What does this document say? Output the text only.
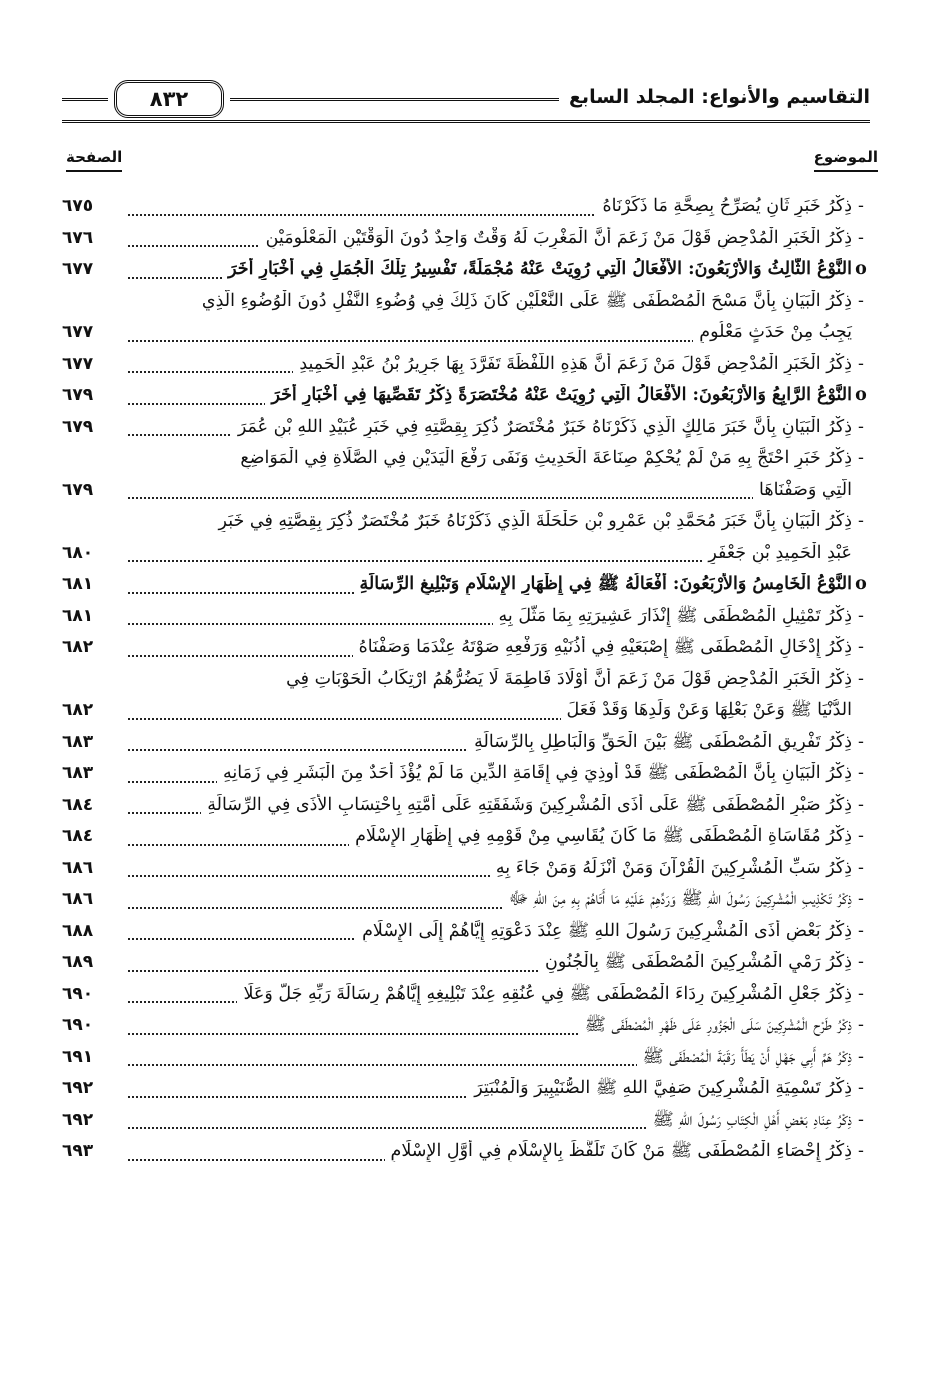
٨٣٢	التقاسيم والأنواع: المجلد السابع
الموضوع
الصفحة
-ذِكْرُ خَبَرٍ ثَانٍ يُصَرِّحُ بِصِحَّةِ مَا ذَكَرْنَاهُ
٦٧٥
-ذِكْرُ الْخَبَرِ الْمُدْحِضِ قَوْلَ مَنْ زَعَمَ أَنَّ الْمَغْرِبَ لَهُ وَقْتٌ وَاحِدٌ دُونَ الْوَقْتَيْنِ الْمَعْلُومَيْنِ
٦٧٦
οالنَّوْعُ الثَّالِثُ وَالأَرْبَعُونَ: الأَفْعَالُ الَّتِي رُوِيَتْ عَنْهُ مُجْمَلَةً، تَفْسِيرُ تِلْكَ الْجُمَلِ فِي أَخْبَارٍ أُخَرَ
٦٧٧
-ذِكْرُ الْبَيَانِ بِأَنَّ مَسْحَ الْمُصْطَفَى ﷺ عَلَى النَّعْلَيْنِ كَانَ ذَلِكَ فِي وُضُوءِ النَّفْلِ دُونَ الْوُضُوءِ الَّذِي
يَجِبُ مِنْ حَدَثٍ مَعْلُومٍ
٦٧٧
-ذِكْرُ الْخَبَرِ الْمُدْحِضِ قَوْلَ مَنْ زَعَمَ أَنَّ هَذِهِ اللَّفْظَةَ تَفَرَّدَ بِهَا جَرِيرُ بْنُ عَبْدِ الْحَمِيدِ
٦٧٧
οالنَّوْعُ الرَّابِعُ وَالأَرْبَعُونَ: الأَفْعَالُ الَّتِي رُوِيَتْ عَنْهُ مُخْتَصَرَةً ذِكْرُ تَقَصِّيهَا فِي أَخْبَارٍ أُخَرَ
٦٧٩
-ذِكْرُ الْبَيَانِ بِأَنَّ خَبَرَ مَالِكٍ الَّذِي ذَكَرْنَاهُ خَبَرٌ مُخْتَصَرٌ ذُكِرَ بِقِصَّتِهِ فِي خَبَرِ عُبَيْدِ اللهِ بْنِ عُمَرَ
٦٧٩
-ذِكْرُ خَبَرٍ احْتَجَّ بِهِ مَنْ لَمْ يُحْكِمْ صِنَاعَةَ الْحَدِيثِ وَنَفَى رَفْعَ الْيَدَيْنِ فِي الصَّلَاةِ فِي الْمَوَاضِعِ
الَّتِي وَصَفْنَاهَا
٦٧٩
-ذِكْرُ الْبَيَانِ بِأَنَّ خَبَرَ مُحَمَّدِ بْنِ عَمْرِو بْنِ حَلْحَلَةَ الَّذِي ذَكَرْنَاهُ خَبَرٌ مُخْتَصَرٌ ذُكِرَ بِقِصَّتِهِ فِي خَبَرِ
عَبْدِ الْحَمِيدِ بْنِ جَعْفَرٍ
٦٨٠
οالنَّوْعُ الْخَامِسُ وَالأَرْبَعُونَ: أَفْعَالُهُ ﷺ فِي إِظْهَارِ الإِسْلَامِ وَتَبْلِيغِ الرِّسَالَةِ
٦٨١
-ذِكْرُ تَمْثِيلِ الْمُصْطَفَى ﷺ إِنْذَارَ عَشِيرَتِهِ بِمَا مَثَّلَ بِهِ
٦٨١
-ذِكْرُ إِدْخَالِ الْمُصْطَفَى ﷺ إِصْبَعَيْهِ فِي أُذُنَيْهِ وَرَفْعِهِ صَوْتَهُ عِنْدَمَا وَصَفْنَاهُ
٦٨٢
-ذِكْرُ الْخَبَرِ الْمُدْحِضِ قَوْلَ مَنْ زَعَمَ أَنَّ أَوْلَادَ فَاطِمَةَ لَا يَضُرُّهُمُ ارْتِكَابُ الْحَوْبَاتِ فِي
الدُّنْيَا ﷺ وَعَنْ بَعْلِهَا وَعَنْ وَلَدِهَا وَقَدْ فَعَلَ
٦٨٢
-ذِكْرُ تَفْرِيقِ الْمُصْطَفَى ﷺ بَيْنَ الْحَقِّ وَالْبَاطِلِ بِالرِّسَالَةِ
٦٨٣
-ذِكْرُ الْبَيَانِ بِأَنَّ الْمُصْطَفَى ﷺ قَدْ أُوذِيَ فِي إِقَامَةِ الدِّينِ مَا لَمْ يُؤْذَ أَحَدٌ مِنَ الْبَشَرِ فِي زَمَانِهِ
٦٨٣
-ذِكْرُ صَبْرِ الْمُصْطَفَى ﷺ عَلَى أَذَى الْمُشْرِكِينَ وَشَفَقَتِهِ عَلَى أُمَّتِهِ بِاحْتِسَابِ الأَذَى فِي الرِّسَالَةِ
٦٨٤
-ذِكْرُ مُقَاسَاةِ الْمُصْطَفَى ﷺ مَا كَانَ يُقَاسِي مِنْ قَوْمِهِ فِي إِظْهَارِ الإِسْلَامِ
٦٨٤
-ذِكْرُ سَبِّ الْمُشْرِكِينَ الْقُرْآنَ وَمَنْ أَنْزَلَهُ وَمَنْ جَاءَ بِهِ
٦٨٦
-ذِكْرُ تَكْذِيبِ الْمُشْرِكِينَ رَسُولَ اللهِ ﷺ وَرَدِّهِمْ عَلَيْهِ مَا أَتَاهُمْ بِهِ مِنَ اللهِ ﷻ
٦٨٦
-ذِكْرُ بَعْضِ أَذَى الْمُشْرِكِينَ رَسُولَ اللهِ ﷺ عِنْدَ دَعْوَتِهِ إِيَّاهُمْ إِلَى الإِسْلَامِ
٦٨٨
-ذِكْرُ رَمْيِ الْمُشْرِكِينَ الْمُصْطَفَى ﷺ بِالْجُنُونِ
٦٨٩
-ذِكْرُ جَعْلِ الْمُشْرِكِينَ رِدَاءَ الْمُصْطَفَى ﷺ فِي عُنُقِهِ عِنْدَ تَبْلِيغِهِ إِيَّاهُمْ رِسَالَةَ رَبِّهِ جَلَّ وَعَلَا
٦٩٠
-ذِكْرُ طَرْحِ الْمُشْرِكِينَ سَلَى الْجَزُورِ عَلَى ظَهْرِ الْمُصْطَفَى ﷺ
٦٩٠
-ذِكْرُ هَمِّ أَبِي جَهْلٍ أَنْ يَطَأَ رَقَبَةَ الْمُصْطَفَى ﷺ
٦٩١
-ذِكْرُ تَسْمِيَةِ الْمُشْرِكِينَ صَفِيَّ اللهِ ﷺ الصُّنَيْبِيرَ وَالْمُنْبَتِرَ
٦٩٢
-ذِكْرُ عِنَادِ بَعْضِ أَهْلِ الْكِتَابِ رَسُولَ اللهِ ﷺ
٦٩٢
-ذِكْرُ إِحْصَاءِ الْمُصْطَفَى ﷺ مَنْ كَانَ تَلَفَّظَ بِالإِسْلَامِ فِي أَوَّلِ الإِسْلَامِ
٦٩٣
